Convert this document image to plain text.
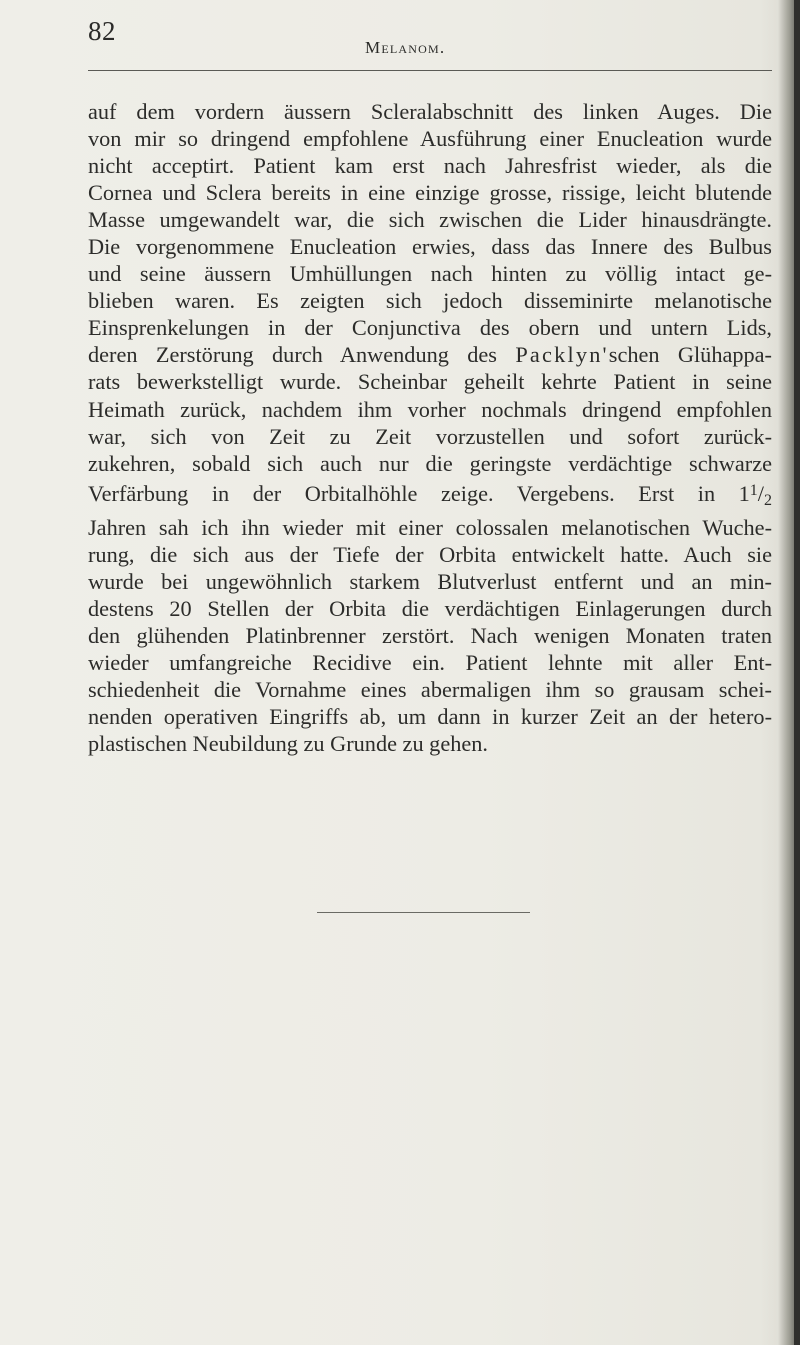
82
Melanom.
auf dem vordern äussern Scleralabschnitt des linken Auges. Die
von mir so dringend empfohlene Ausführung einer Enucleation wurde
nicht acceptirt. Patient kam erst nach Jahresfrist wieder, als die
Cornea und Sclera bereits in eine einzige grosse, rissige, leicht blutende
Masse umgewandelt war, die sich zwischen die Lider hinausdrängte.
Die vorgenommene Enucleation erwies, dass das Innere des Bulbus
und seine äussern Umhüllungen nach hinten zu völlig intact ge-
blieben waren. Es zeigten sich jedoch disseminirte melanotische
Einsprenkelungen in der Conjunctiva des obern und untern Lids,
deren Zerstörung durch Anwendung des Packlyn'schen Glühappa-
rats bewerkstelligt wurde. Scheinbar geheilt kehrte Patient in seine
Heimath zurück, nachdem ihm vorher nochmals dringend empfohlen
war, sich von Zeit zu Zeit vorzustellen und sofort zurück-
zukehren, sobald sich auch nur die geringste verdächtige schwarze
Verfärbung in der Orbitalhöhle zeige. Vergebens. Erst in $1^1/2$
Jahren sah ich ihn wieder mit einer colossalen melanotischen Wuche-
rung, die sich aus der Tiefe der Orbita entwickelt hatte. Auch sie
wurde bei ungewöhnlich starkem Blutverlust entfernt und an min-
destens 20 Stellen der Orbita die verdächtigen Einlagerungen durch
den glühenden Platinbrenner zerstört. Nach wenigen Monaten traten
wieder umfangreiche Recidive ein. Patient lehnte mit aller Ent-
schiedenheit die Vornahme eines abermaligen ihm so grausam schei-
nenden operativen Eingriffs ab, um dann in kurzer Zeit an der hetero-
plastischen Neubildung zu Grunde zu gehen.
